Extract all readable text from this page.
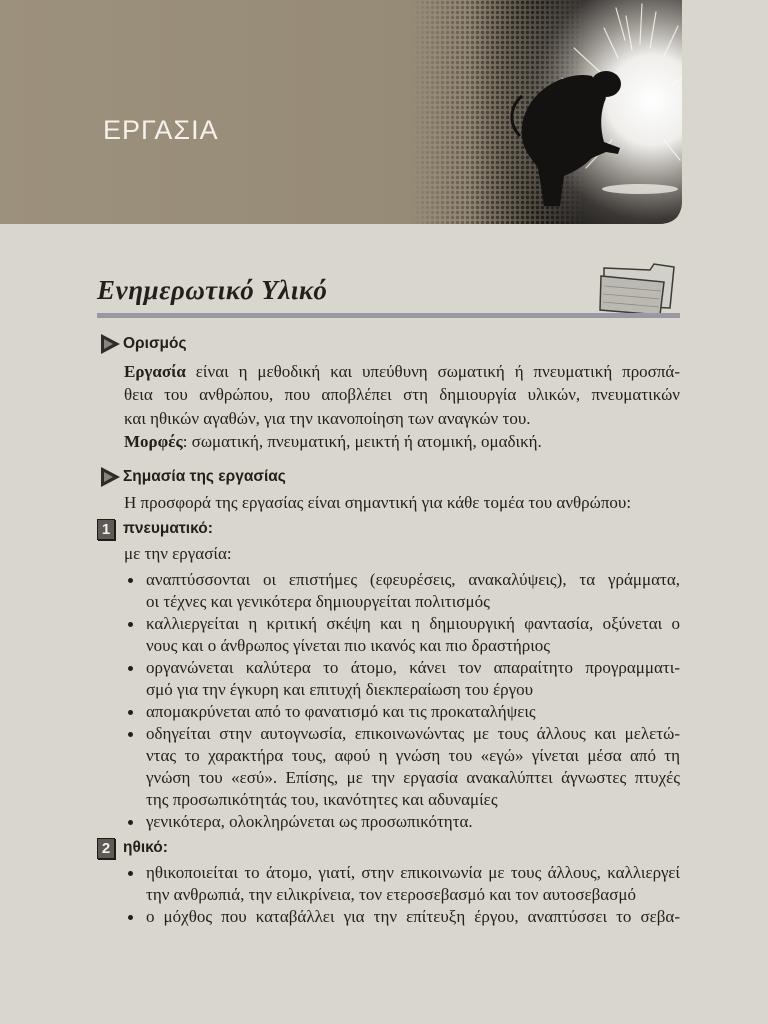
ΕΡΓΑΣΙΑ
Ενημερωτικό Υλικό
Ορισμός
Εργασία είναι η μεθοδική και υπεύθυνη σωματική ή πνευματική προσπά-
θεια του ανθρώπου, που αποβλέπει στη δημιουργία υλικών, πνευματικών
και ηθικών αγαθών, για την ικανοποίηση των αναγκών του.
Μορφές: σωματική, πνευματική, μεικτή ή ατομική, ομαδική.
Σημασία της εργασίας
Η προσφορά της εργασίας είναι σημαντική για κάθε τομέα του ανθρώπου:
1 πνευματικό:
με την εργασία:
αναπτύσσονται οι επιστήμες (εφευρέσεις, ανακαλύψεις), τα γράμματα,
οι τέχνες και γενικότερα δημιουργείται πολιτισμός
καλλιεργείται η κριτική σκέψη και η δημιουργική φαντασία, οξύνεται ο
νους και ο άνθρωπος γίνεται πιο ικανός και πιο δραστήριος
οργανώνεται καλύτερα το άτομο, κάνει τον απαραίτητο προγραμματι-
σμό για την έγκυρη και επιτυχή διεκπεραίωση του έργου
απομακρύνεται από το φανατισμό και τις προκαταλήψεις
οδηγείται στην αυτογνωσία, επικοινωνώντας με τους άλλους και μελετώ-
ντας το χαρακτήρα τους, αφού η γνώση του «εγώ» γίνεται μέσα από τη
γνώση του «εσύ». Επίσης, με την εργασία ανακαλύπτει άγνωστες πτυχές
της προσωπικότητάς του, ικανότητες και αδυναμίες
γενικότερα, ολοκληρώνεται ως προσωπικότητα.
2 ηθικό:
ηθικοποιείται το άτομο, γιατί, στην επικοινωνία με τους άλλους, καλλιεργεί
την ανθρωπιά, την ειλικρίνεια, τον ετεροσεβασμό και τον αυτοσεβασμό
ο μόχθος που καταβάλλει για την επίτευξη έργου, αναπτύσσει το σεβα-
